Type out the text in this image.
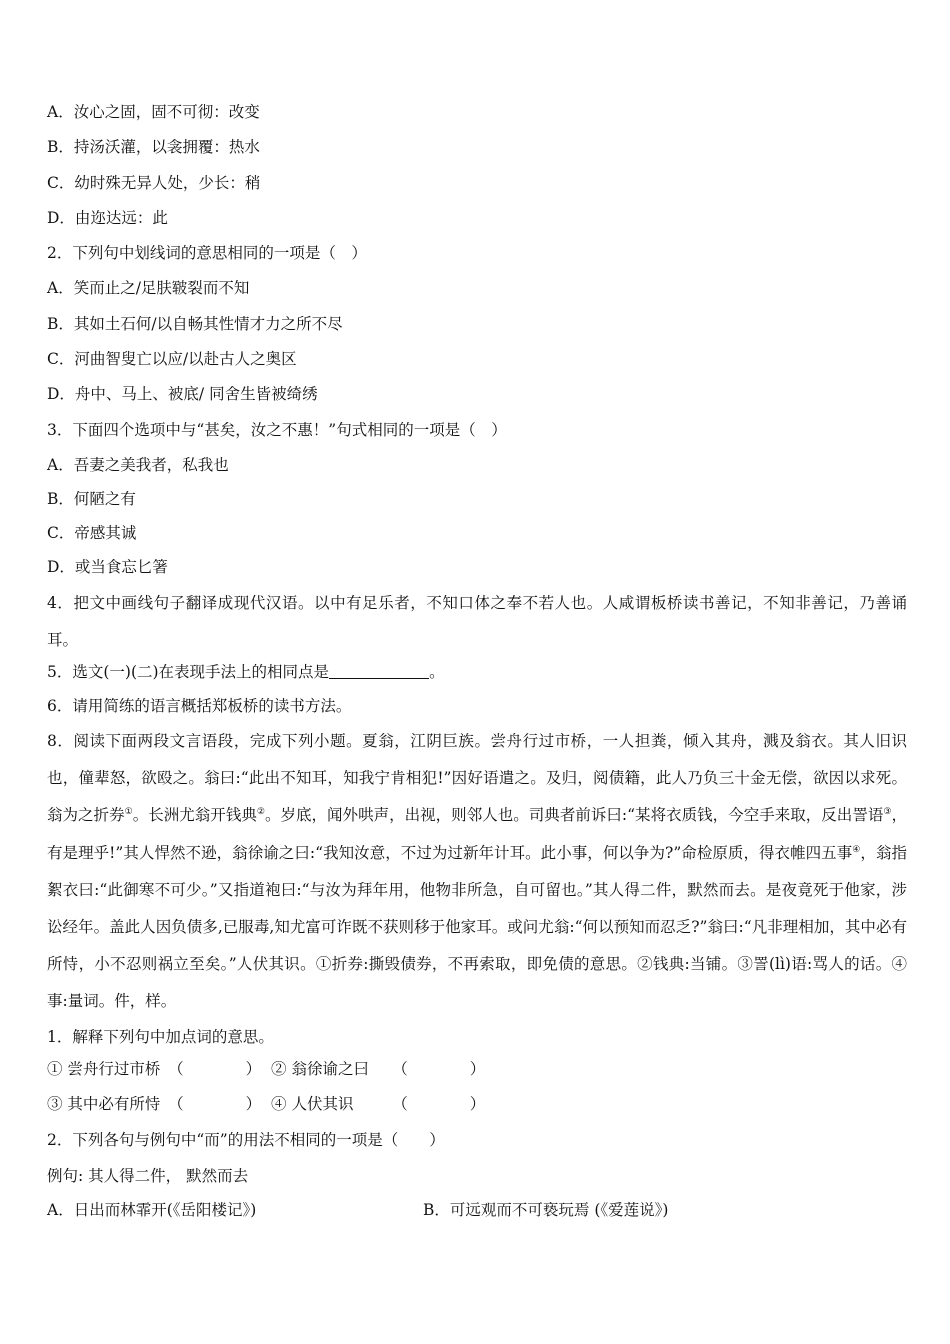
A．汝心之固，固不可彻：改变
B．持汤沃灌，以衾拥覆：热水
C．幼时殊无异人处，少长：稍
D．由迩达远：此
2．下列句中划线词的意思相同的一项是（　）
A．笑而止之/足肤皲裂而不知
B．其如土石何/以自畅其性情才力之所不尽
C．河曲智叟亡以应/以赴古人之奥区
D．舟中、马上、被底/ 同舍生皆被绮绣
3．下面四个选项中与“甚矣，汝之不惠！”句式相同的一项是（　）
A．吾妻之美我者，私我也
B．何陋之有
C．帝感其诚
D．或当食忘匕箸
4．把文中画线句子翻译成现代汉语。以中有足乐者，不知口体之奉不若人也。人咸谓板桥读书善记，不知非善记，乃善诵耳。
5．选文(一)(二)在表现手法上的相同点是	。
6．请用简练的语言概括郑板桥的读书方法。
8．阅读下面两段文言语段，完成下列小题。夏翁，江阴巨族。尝舟行过市桥，一人担粪，倾入其舟，溅及翁衣。其人旧识也，僮辈怒，欲殴之。翁曰:“此出不知耳，知我宁肯相犯!”因好语遣之。及归，阅债籍，此人乃负三十金无偿，欲因以求死。翁为之折券①。长洲尤翁开钱典②。岁底，闻外哄声，出视，则邻人也。司典者前诉曰:“某将衣质钱，今空手来取，反出詈语③，有是理乎!”其人悍然不逊，翁徐谕之曰:“我知汝意，不过为过新年计耳。此小事，何以争为?”命检原质，得衣帷四五事④，翁指絮衣曰:“此御寒不可少。”又指道袍曰:“与汝为拜年用，他物非所急，自可留也。”其人得二件，默然而去。是夜竟死于他家，涉讼经年。盖此人因负债多,已服毒,知尤富可诈既不获则移于他家耳。或问尤翁:“何以预知而忍乏?”翁曰:“凡非理相加，其中必有所恃，小不忍则祸立至矣。”人伏其识。①折券:撕毁债券，不再索取，即免债的意思。②钱典:当铺。③詈(lì)语:骂人的话。④事:量词。件，样。
1．解释下列句中加点词的意思。
① 尝舟行过市桥　（　　　　）  ② 翁徐谕之曰　　（　　　　）
③ 其中必有所恃　（　　　　）  ④ 人伏其识　　　（　　　　）
2．下列各句与例句中“而”的用法不相同的一项是（　　）
例句: 其人得二件， 默然而去
A．日出而林霏开(《岳阳楼记》)	B．可远观而不可亵玩焉 (《爱莲说》)
